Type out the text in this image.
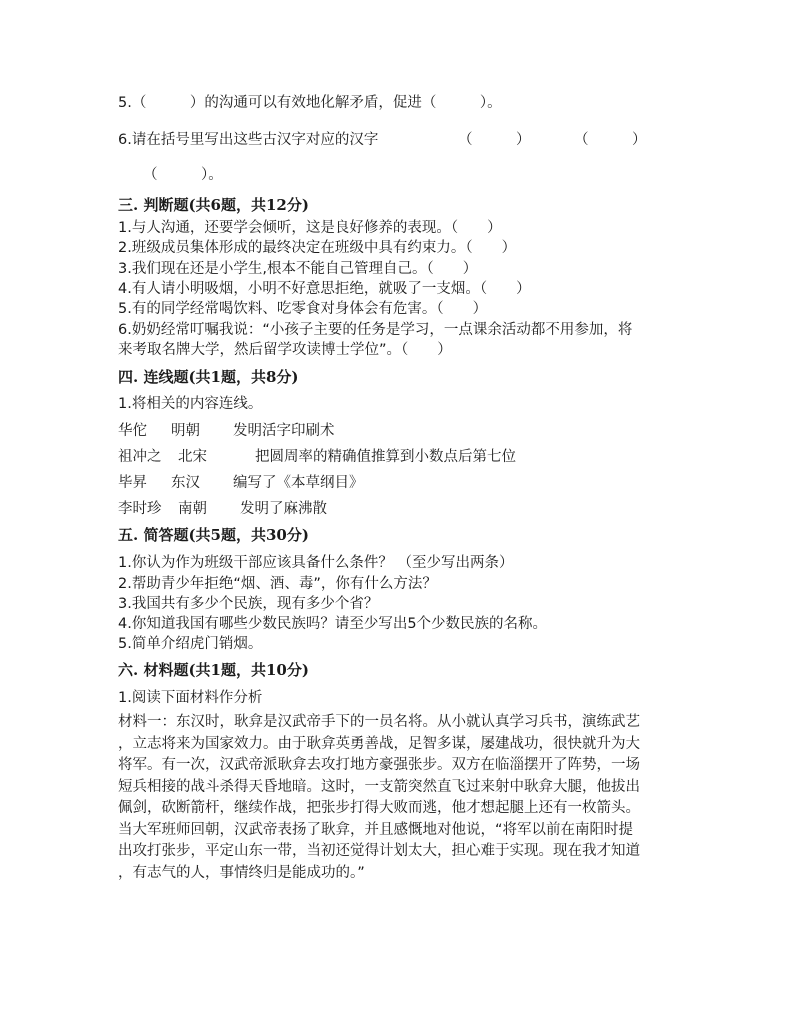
5.（　　　）的沟通可以有效地化解矛盾，促进（　　　）。
6.请在括号里写出这些古汉字对应的汉字	（　　　）	（　　　）
（　　　）。
三. 判断题(共6题，共12分)
1.与人沟通，还要学会倾听，这是良好修养的表现。（　　）
2.班级成员集体形成的最终决定在班级中具有约束力。（　　）
3.我们现在还是小学生,根本不能自己管理自己。（　　）
4.有人请小明吸烟，小明不好意思拒绝，就吸了一支烟。（　　）
5.有的同学经常喝饮料、吃零食对身体会有危害。（　　）
6.奶奶经常叮嘱我说：“小孩子主要的任务是学习，一点课余活动都不用参加，将
来考取名牌大学，然后留学攻读博士学位”。（　　）
四. 连线题(共1题，共8分)
1.将相关的内容连线。
华佗 明朝 发明活字印刷术
祖冲之 北宋	把圆周率的精确值推算到小数点后第七位
毕昇 东汉 编写了《本草纲目》
李时珍 南朝 发明了麻沸散
五. 简答题(共5题，共30分)
1.你认为作为班级干部应该具备什么条件？ （至少写出两条）
2.帮助青少年拒绝“烟、酒、毒”，你有什么方法？
3.我国共有多少个民族，现有多少个省？
4.你知道我国有哪些少数民族吗？请至少写出5个少数民族的名称。
5.简单介绍虎门销烟。
六. 材料题(共1题，共10分)
1.阅读下面材料作分析
材料一：东汉时，耿弇是汉武帝手下的一员名将。从小就认真学习兵书，演练武艺
，立志将来为国家效力。由于耿弇英勇善战，足智多谋，屡建战功，很快就升为大
将军。有一次，汉武帝派耿弇去攻打地方豪强张步。双方在临淄摆开了阵势，一场
短兵相接的战斗杀得天昏地暗。这时，一支箭突然直飞过来射中耿弇大腿，他拔出
佩剑，砍断箭杆，继续作战，把张步打得大败而逃，他才想起腿上还有一枚箭头。
当大军班师回朝，汉武帝表扬了耿弇，并且感慨地对他说，“将军以前在南阳时提
出攻打张步，平定山东一带，当初还觉得计划太大，担心难于实现。现在我才知道
，有志气的人，事情终归是能成功的。”
